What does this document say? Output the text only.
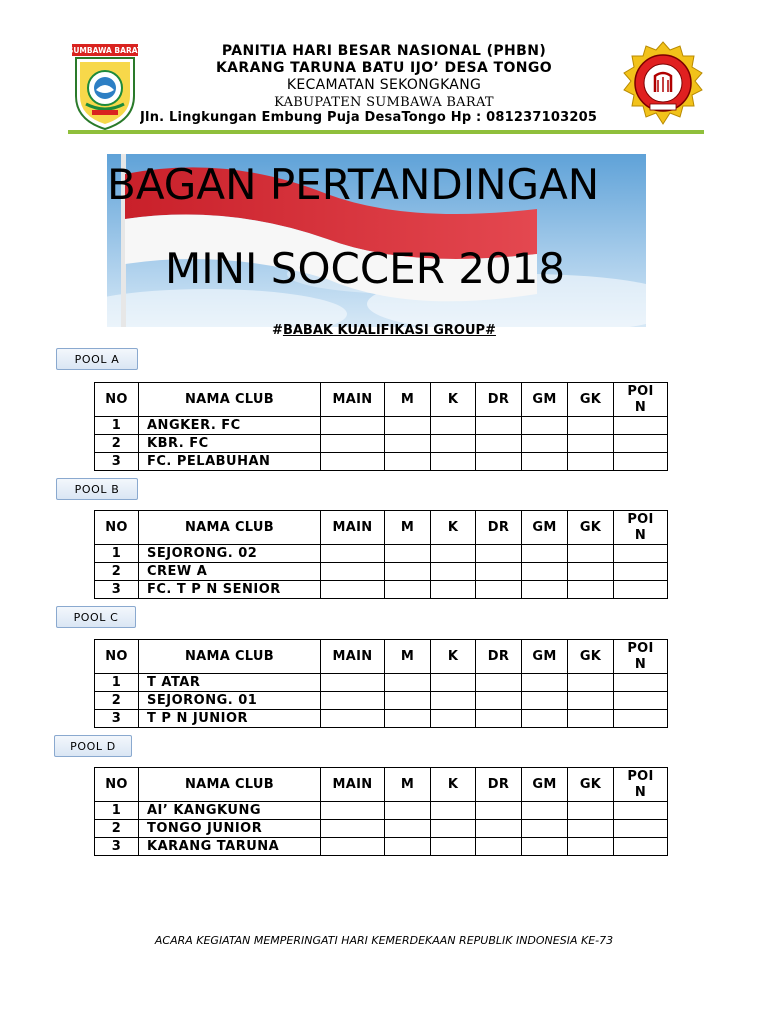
SUMBAWA BARAT	PANITIA HARI BESAR NASIONAL (PHBN)
KARANG TARUNA BATU IJO’ DESA TONGO
KECAMATAN SEKONGKANG
KABUPATEN SUMBAWA BARAT
Jln. Lingkungan Embung Puja DesaTongo Hp : 081237103205
BAGAN PERTANDINGAN
MINI SOCCER 2018
#BABAK KUALIFIKASI GROUP#
POOL A
POOL B
POOL C
POOL D
NO	NAMA CLUB	MAIN	M	K	DR	GM	GK	POI
N
1	ANGKER. FC							
2	KBR. FC							
3	FC. PELABUHAN							
NO	NAMA CLUB	MAIN	M	K	DR	GM	GK	POI
N
1	SEJORONG. 02							
2	CREW A							
3	FC. T P N SENIOR							
NO	NAMA CLUB	MAIN	M	K	DR	GM	GK	POI
N
1	T ATAR							
2	SEJORONG. 01							
3	T P N JUNIOR							
NO	NAMA CLUB	MAIN	M	K	DR	GM	GK	POI
N
1	AI’ KANGKUNG							
2	TONGO JUNIOR							
3	KARANG TARUNA							
ACARA KEGIATAN MEMPERINGATI HARI KEMERDEKAAN REPUBLIK INDONESIA KE-73
